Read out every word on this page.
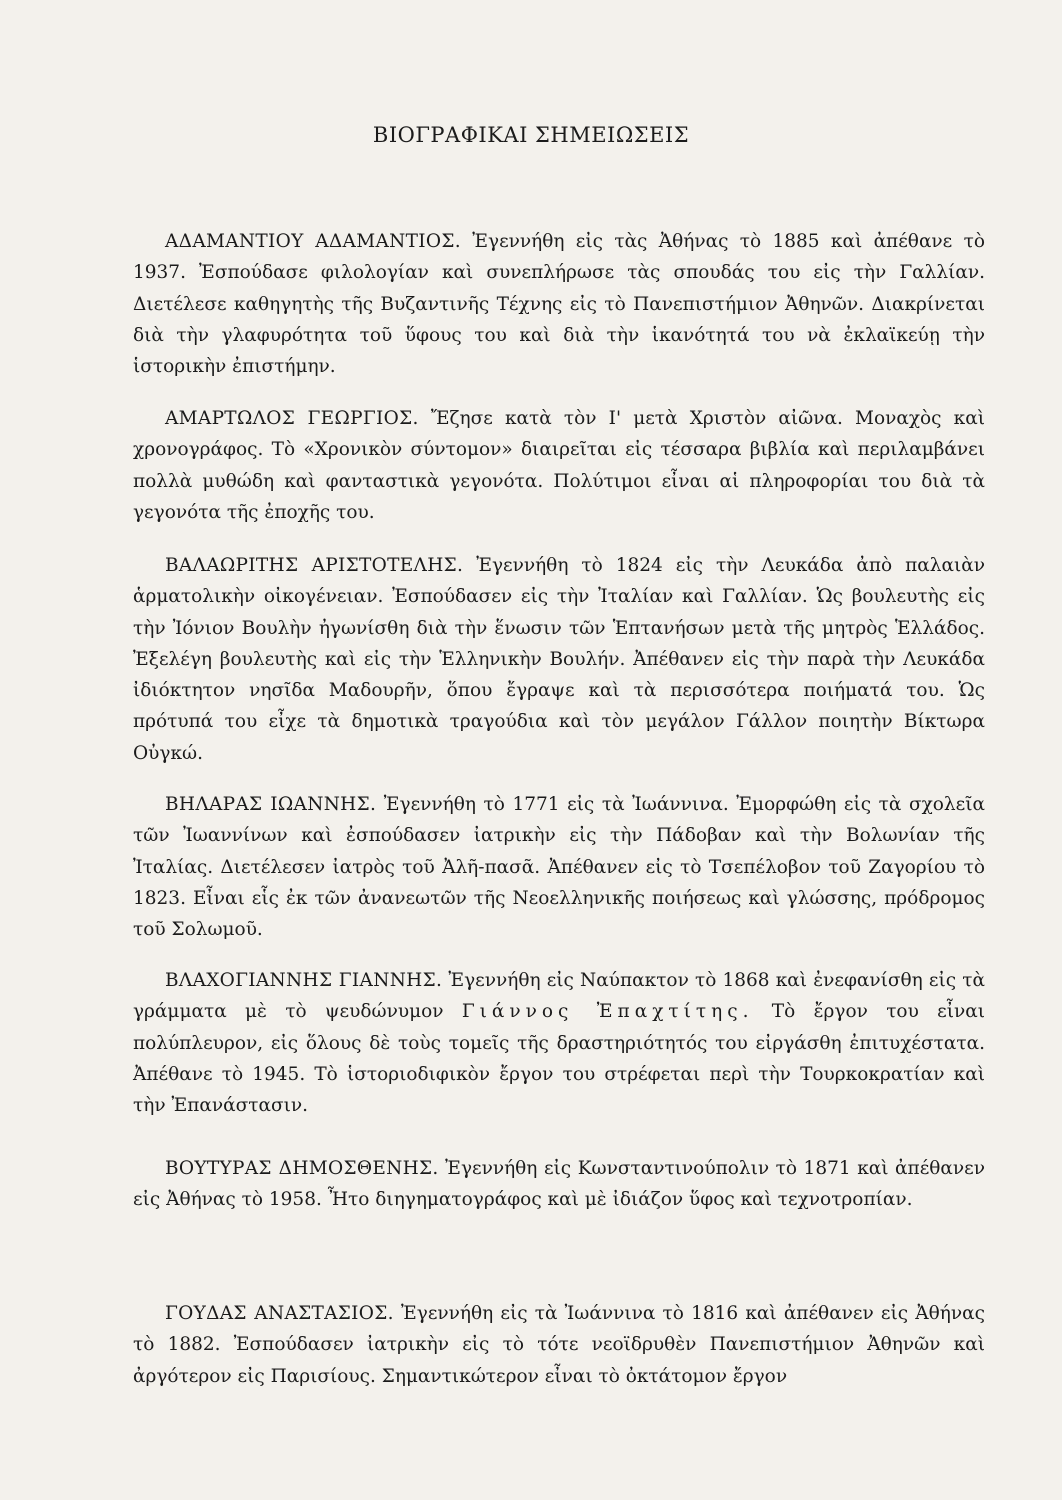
ΒΙΟΓΡΑΦΙΚΑΙ ΣΗΜΕΙΩΣΕΙΣ

ΑΔΑΜΑΝΤΙΟΥ ΑΔΑΜΑΝΤΙΟΣ. Ἐγεννήθη εἰς τὰς Ἀθήνας τὸ 1885 καὶ ἀπέθανε τὸ 1937. Ἐσπούδασε φιλολογίαν καὶ συνεπλήρωσε τὰς σπουδάς του εἰς τὴν Γαλλίαν. Διετέλεσε καθηγητὴς τῆς Βυζαντινῆς Τέχνης εἰς τὸ Πανεπιστήμιον Ἀθηνῶν. Διακρίνεται διὰ τὴν γλαφυρότητα τοῦ ὕφους του καὶ διὰ τὴν ἱκανότητά του νὰ ἐκλαϊκεύῃ τὴν ἱστορικὴν ἐπιστήμην.

ΑΜΑΡΤΩΛΟΣ ΓΕΩΡΓΙΟΣ. Ἔζησε κατὰ τὸν Ι' μετὰ Χριστὸν αἰῶνα. Μοναχὸς καὶ χρονογράφος. Τὸ «Χρονικὸν σύντομον» διαιρεῖται εἰς τέσσαρα βιβλία καὶ περιλαμβάνει πολλὰ μυθώδη καὶ φανταστικὰ γεγονότα. Πολύτιμοι εἶναι αἱ πληροφορίαι του διὰ τὰ γεγονότα τῆς ἐποχῆς του.

ΒΑΛΑΩΡΙΤΗΣ ΑΡΙΣΤΟΤΕΛΗΣ. Ἐγεννήθη τὸ 1824 εἰς τὴν Λευκάδα ἀπὸ παλαιὰν ἁρματολικὴν οἰκογένειαν. Ἐσπούδασεν εἰς τὴν Ἰταλίαν καὶ Γαλλίαν. Ὡς βουλευτὴς εἰς τὴν Ἰόνιον Βουλὴν ἠγωνίσθη διὰ τὴν ἕνωσιν τῶν Ἑπτανήσων μετὰ τῆς μητρὸς Ἑλλάδος. Ἐξελέγη βουλευτὴς καὶ εἰς τὴν Ἑλληνικὴν Βουλήν. Ἀπέθανεν εἰς τὴν παρὰ τὴν Λευκάδα ἰδιόκτητον νησῖδα Μαδουρῆν, ὅπου ἔγραψε καὶ τὰ περισσότερα ποιήματά του. Ὡς πρότυπά του εἶχε τὰ δημοτικὰ τραγούδια καὶ τὸν μεγάλον Γάλλον ποιητὴν Βίκτωρα Οὐγκώ.

ΒΗΛΑΡΑΣ ΙΩΑΝΝΗΣ. Ἐγεννήθη τὸ 1771 εἰς τὰ Ἰωάννινα. Ἐμορφώθη εἰς τὰ σχολεῖα τῶν Ἰωαννίνων καὶ ἐσπούδασεν ἰατρικὴν εἰς τὴν Πάδοβαν καὶ τὴν Βολωνίαν τῆς Ἰταλίας. Διετέλεσεν ἰατρὸς τοῦ Ἀλῆ-πασᾶ. Ἀπέθανεν εἰς τὸ Τσεπέλοβον τοῦ Ζαγορίου τὸ 1823. Εἶναι εἷς ἐκ τῶν ἀνανεωτῶν τῆς Νεοελληνικῆς ποιήσεως καὶ γλώσσης, πρόδρομος τοῦ Σολωμοῦ.

ΒΛΑΧΟΓΙΑΝΝΗΣ ΓΙΑΝΝΗΣ. Ἐγεννήθη εἰς Ναύπακτον τὸ 1868 καὶ ἐνεφανίσθη εἰς τὰ γράμματα μὲ τὸ ψευδώνυμον Γιάννος Ἐπαχτίτης. Τὸ ἔργον του εἶναι πολύπλευρον, εἰς ὅλους δὲ τοὺς τομεῖς τῆς δραστηριότητός του εἰργάσθη ἐπιτυχέστατα. Ἀπέθανε τὸ 1945. Τὸ ἱστοριοδιφικὸν ἔργον του στρέφεται περὶ τὴν Τουρκοκρατίαν καὶ τὴν Ἐπανάστασιν.

ΒΟΥΤΥΡΑΣ ΔΗΜΟΣΘΕΝΗΣ. Ἐγεννήθη εἰς Κωνσταντινούπολιν τὸ 1871 καὶ ἀπέθανεν εἰς Ἀθήνας τὸ 1958. Ἦτο διηγηματογράφος καὶ μὲ ἰδιάζον ὕφος καὶ τεχνοτροπίαν.

ΓΟΥΔΑΣ ΑΝΑΣΤΑΣΙΟΣ. Ἐγεννήθη εἰς τὰ Ἰωάννινα τὸ 1816 καὶ ἀπέθανεν εἰς Ἀθήνας τὸ 1882. Ἐσπούδασεν ἰατρικὴν εἰς τὸ τότε νεοϊδρυθὲν Πανεπιστήμιον Ἀθηνῶν καὶ ἀργότερον εἰς Παρισίους. Σημαντικώτερον εἶναι τὸ ὀκτάτομον ἔργον
